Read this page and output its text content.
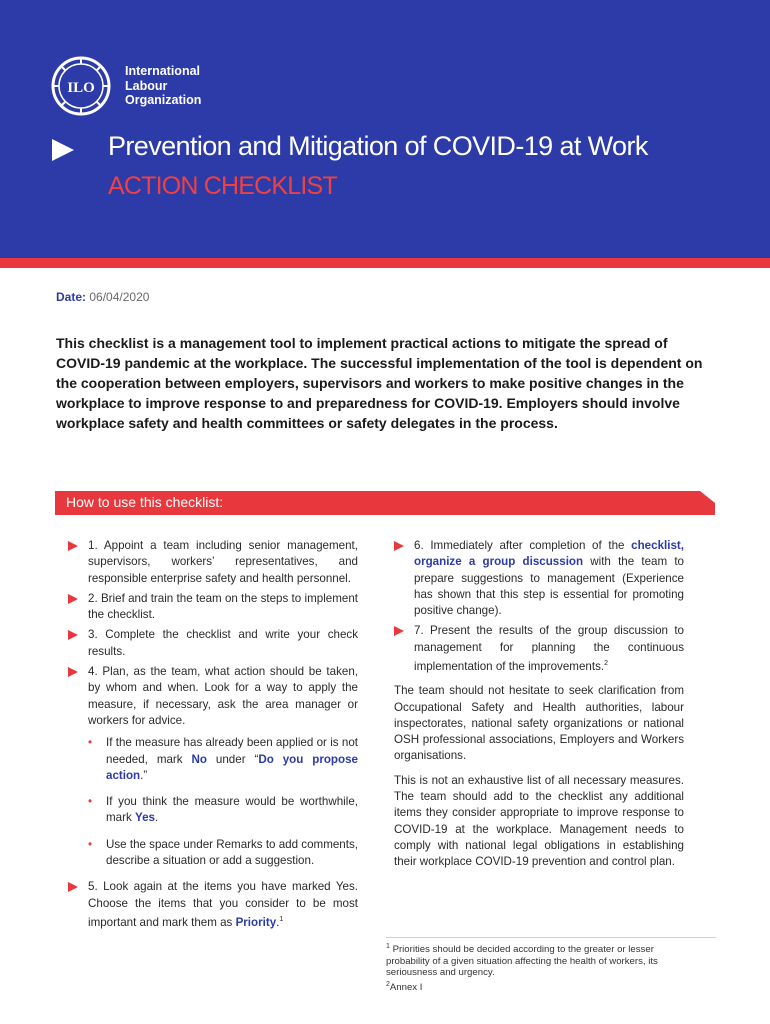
ILO
International
Labour
Organization
Prevention and Mitigation of COVID-19 at Work
ACTION CHECKLIST
Date: 06/04/2020
This checklist is a management tool to implement practical actions to mitigate the spread of COVID-19 pandemic at the workplace. The successful implementation of the tool is dependent on the cooperation between employers, supervisors and workers to make positive changes in the workplace to improve response to and preparedness for COVID-19. Employers should involve workplace safety and health committees or safety delegates in the process.
How to use this checklist:
1. Appoint a team including senior management, supervisors, workers’ representatives, and responsible enterprise safety and health personnel.
2. Brief and train the team on the steps to implement the checklist.
3. Complete the checklist and write your check results.
4. Plan, as the team, what action should be taken, by whom and when. Look for a way to apply the measure, if necessary, ask the area manager or workers for advice.
• If the measure has already been applied or is not needed, mark No under “Do you propose action.”
• If you think the measure would be worthwhile, mark Yes.
• Use the space under Remarks to add comments, describe a situation or add a suggestion.
5. Look again at the items you have marked Yes. Choose the items that you consider to be most important and mark them as Priority.$^1$
6. Immediately after completion of the checklist, organize a group discussion with the team to prepare suggestions to management (Experience has shown that this step is essential for promoting positive change).
7. Present the results of the group discussion to management for planning the continuous implementation of the improvements.$^2$
The team should not hesitate to seek clarification from Occupational Safety and Health authorities, labour inspectorates, national safety organizations or national OSH professional associations, Employers and Workers organisations.
This is not an exhaustive list of all necessary measures. The team should add to the checklist any additional items they consider appropriate to improve response to COVID-19 at the workplace. Management needs to comply with national legal obligations in establishing their workplace COVID-19 prevention and control plan.
$^1$ Priorities should be decided according to the greater or lesser probability of a given situation affecting the health of workers, its seriousness and urgency.
$^2$Annex I
